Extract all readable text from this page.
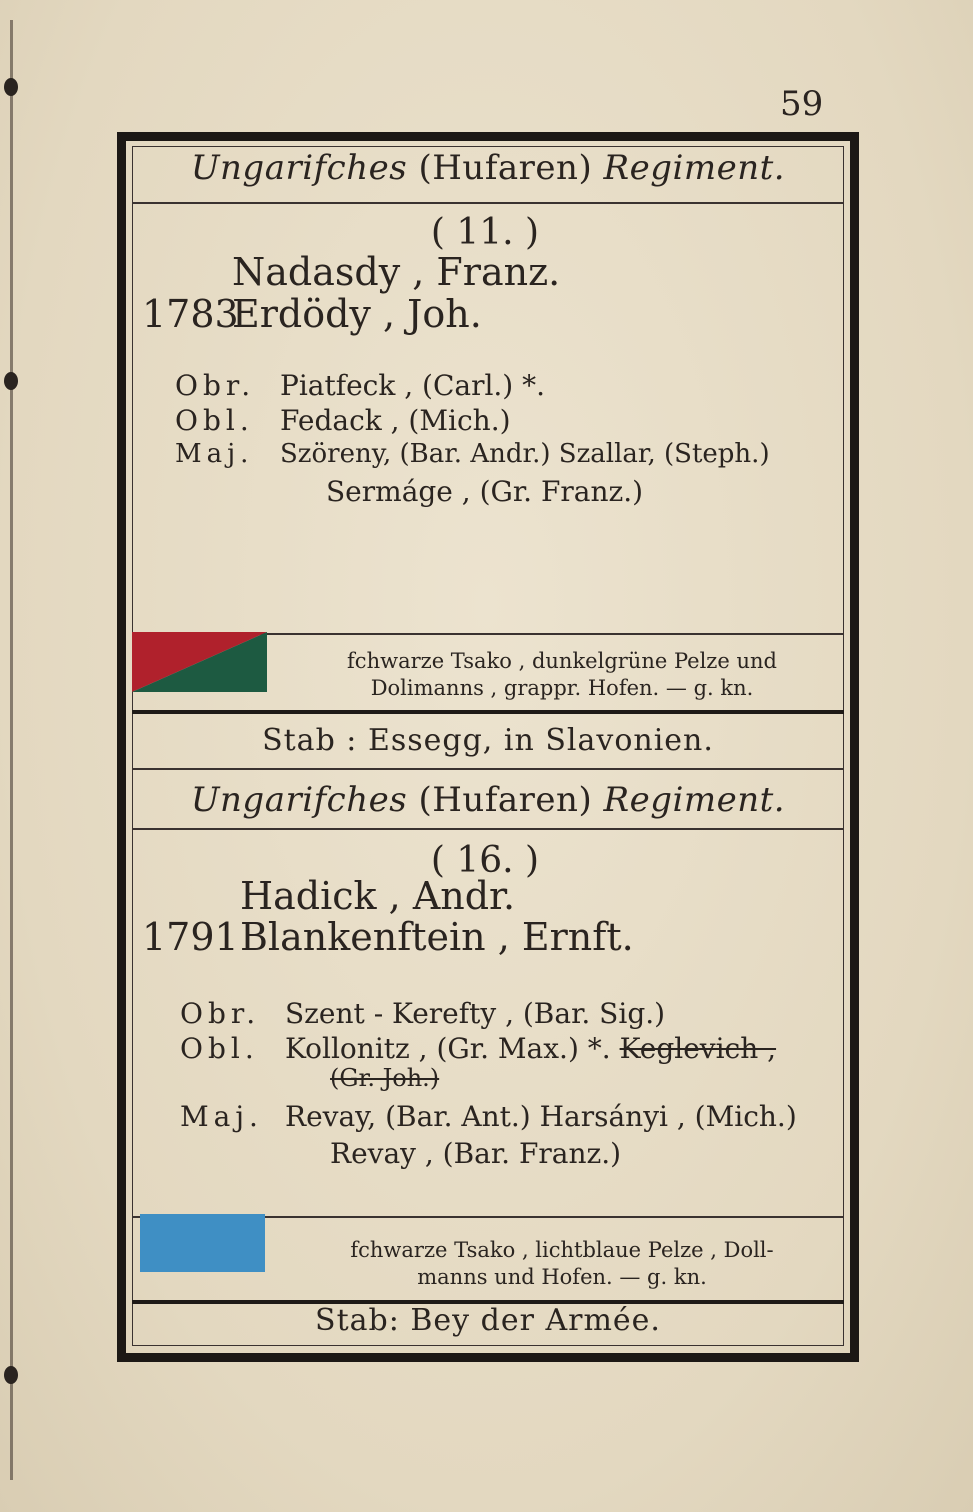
59
Ungarifches (Hufaren) Regiment.
( 11. )
Nadasdy , Franz.
1783
Erdödy , Joh.
Obr. Piatfeck , (Carl.) *.
Obl. Fedack , (Mich.)
Maj. Szöreny, (Bar. Andr.) Szallar, (Steph.)
Sermáge , (Gr. Franz.)
fchwarze Tsako , dunkelgrüne Pelze und
Dolimanns , grappr. Hofen. — g. kn.
Stab : Essegg, in Slavonien.
Ungarifches (Hufaren) Regiment.
( 16. )
Hadick , Andr.
1791 Blankenftein , Ernft.
Obr. Szent - Kerefty , (Bar. Sig.)
Obl. Kollonitz , (Gr. Max.) *. Keglevich ,
(Gr. Joh.)
Maj. Revay, (Bar. Ant.) Harsányi , (Mich.)
Revay , (Bar. Franz.)
fchwarze Tsako , lichtblaue Pelze , Doll-
manns und Hofen. — g. kn.
Stab: Bey der Armée.
